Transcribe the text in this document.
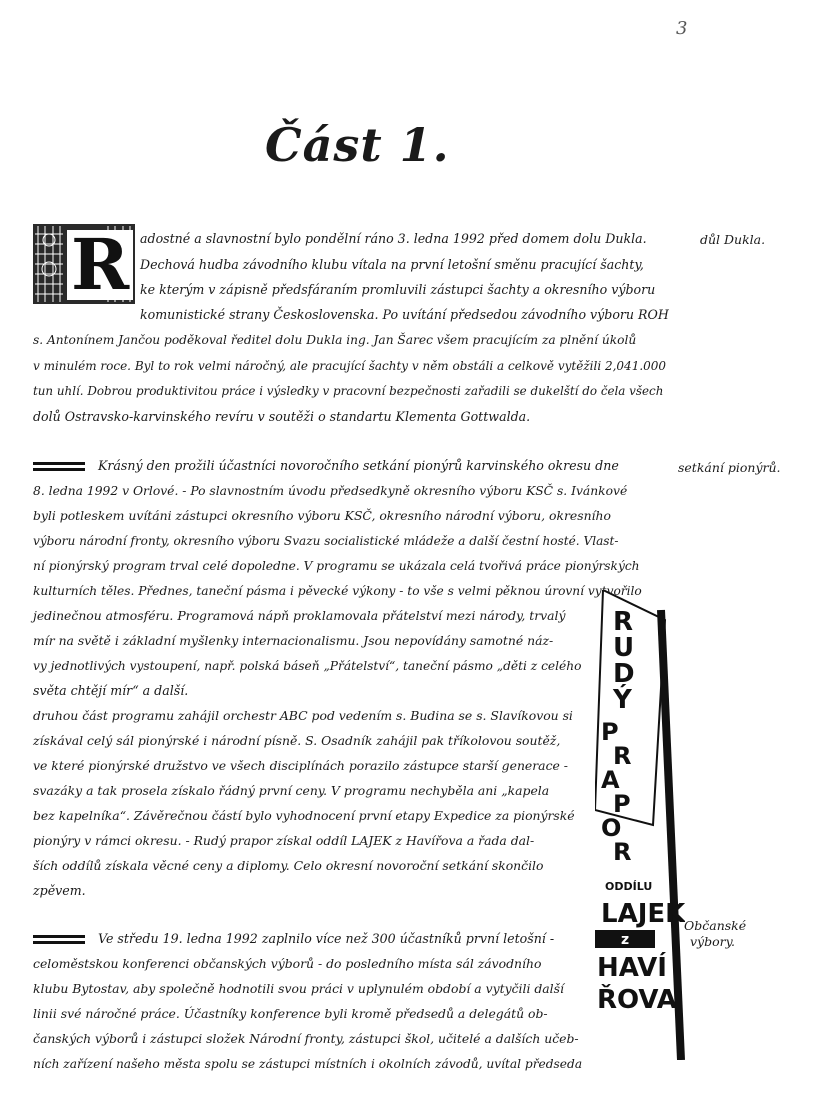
3
Část 1.
R adostné a slavnostní bylo pondělní ráno 3. ledna 1992 před domem dolu Dukla.
Dechová hudba závodního klubu vítala na první letošní směnu pracující šachty,
ke kterým v zápisně předsfáraním promluvili zástupci šachty a okresního výboru
komunistické strany Československa. Po uvítání předsedou závodního výboru ROH
s. Antonínem Jančou poděkoval ředitel dolu Dukla ing. Jan Šarec všem pracujícím za plnění úkolů
v minulém roce. Byl to rok velmi náročný, ale pracující šachty v něm obstáli a celkově vytěžili 2,041.000
tun uhlí. Dobrou produktivitou práce i výsledky v pracovní bezpečnosti zařadili se dukelští do čela všech
dolů Ostravsko-karvinského revíru v soutěži o standartu Klementa Gottwalda.
důl Dukla.
Krásný den prožili účastníci novoročního setkání pionýrů karvinského okresu dne
8. ledna 1992 v Orlové. - Po slavnostním úvodu předsedkyně okresního výboru KSČ s. Ivánkové
byli potleskem uvítáni zástupci okresního výboru KSČ, okresního národní výboru, okresního
výboru národní fronty, okresního výboru Svazu socialistické mládeže a další čestní hosté. Vlast-
ní pionýrský program trval celé dopoledne. V programu se ukázala celá tvořivá práce pionýrských
kulturních těles. Přednes, taneční pásma i pěvecké výkony - to vše s velmi pěknou úrovní vytvořilo
jedinečnou atmosféru. Programová nápň proklamovala přátelství mezi národy, trvalý
mír na světě i základní myšlenky internacionalismu. Jsou nepovídány samotné náz-
vy jednotlivých vystoupení, např. polská báseň „Přátelství“, taneční pásmo „děti z celého
světa chtějí mír“ a další.
druhou část programu zahájil orchestr ABC pod vedením s. Budina se s. Slavíkovou si
získával celý sál pionýrské i národní písně. S. Osadník zahájil pak tříkolovou soutěž,
ve které pionýrské družstvo ve všech disciplínách porazilo zástupce starší generace -
svazáky a tak prosela získalo řádný první ceny. V programu nechyběla ani „kapela
bez kapelníka“. Závěrečnou částí bylo vyhodnocení první etapy Expedice za pionýrské
pionýry v rámci okresu. - Rudý prapor získal oddíl LAJEK z Havířova a řada dal-
ších oddílů získala věcné ceny a diplomy. Celo okresní novoroční setkání skončilo
zpěvem.
setkání pionýrů.
Ve středu 19. ledna 1992 zaplnilo více než 300 účastníků první letošní -
celoměstskou konferenci občanských výborů - do posledního místa sál závodního
klubu Bytostav, aby společně hodnotili svou práci v uplynulém období a vytyčili další
linii své náročné práce. Účastníky konference byli kromě předsedů a delegátů ob-
čanských výborů i zástupci složek Národní fronty, zástupci škol, učitelé a dalších učeb-
ních zařízení našeho města spolu se zástupci místních i okolních závodů, uvítal předseda
Občanské
výbory.
R U D Ý
P R A P O R
ODDÍLU
LAJEK
z
HAVÍ
ŘOVA
